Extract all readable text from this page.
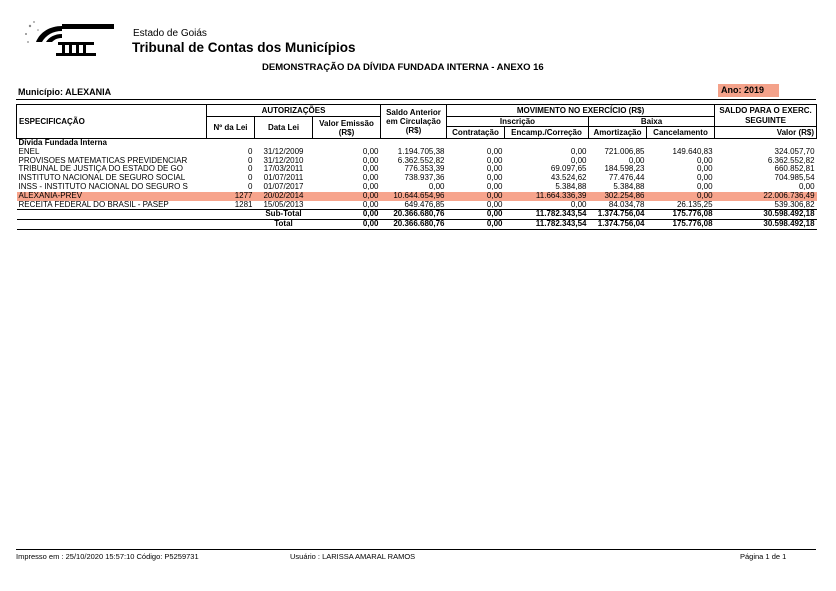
Estado de Goiás
Tribunal de Contas dos Municípios
DEMONSTRAÇÃO DA DÍVIDA FUNDADA INTERNA - ANEXO 16
Município: ALEXANIA	Ano: 2019
ESPECIFICAÇÃO	AUTORIZAÇÕES			Saldo Anterior em Circulação (R$)	MOVIMENTO NO EXERCÍCIO (R$)				SALDO PARA O EXERC. SEGUINTE
	Nº da Lei	Data Lei	Valor Emissão (R$)		Inscrição		Baixa		
					Contratação	Encamp./Correção	Amortização	Cancelamento	Valor (R$)
Dívida Fundada Interna									
ENEL	0	31/12/2009	0,00	1.194.705,38	0,00	0,00	721.006,85	149.640,83	324.057,70
PROVISÕES MATEMÁTICAS PREVIDENCIÁR	0	31/12/2010	0,00	6.362.552,82	0,00	0,00	0,00	0,00	6.362.552,82
TRIBUNAL DE JUSTIÇA DO ESTADO DE GO	0	17/03/2011	0,00	776.353,39	0,00	69.097,65	184.598,23	0,00	660.852,81
INSTITUTO NACIONAL DE SEGURO SOCIAL	0	01/07/2011	0,00	738.937,36	0,00	43.524,62	77.476,44	0,00	704.985,54
INSS - INSTITUTO NACIONAL DO SEGURO S	0	01/07/2017	0,00	0,00	0,00	5.384,88	5.384,88	0,00	0,00
ALEXÂNIA-PREV	1277	20/02/2014	0,00	10.644.654,96	0,00	11.664.336,39	302.254,86	0,00	22.006.736,49
RECEITA FEDERAL DO BRASIL - PASEP	1281	15/05/2013	0,00	649.476,85	0,00	0,00	84.034,78	26.135,25	539.306,82
		Sub-Total	0,00	20.366.680,76	0,00	11.782.343,54	1.374.756,04	175.776,08	30.598.492,18
		Total	0,00	20.366.680,76	0,00	11.782.343,54	1.374.756,04	175.776,08	30.598.492,18
Impresso em : 25/10/2020 15:57:10 Código: P5259731	Usuário : LARISSA AMARAL RAMOS	Página 1 de 1
